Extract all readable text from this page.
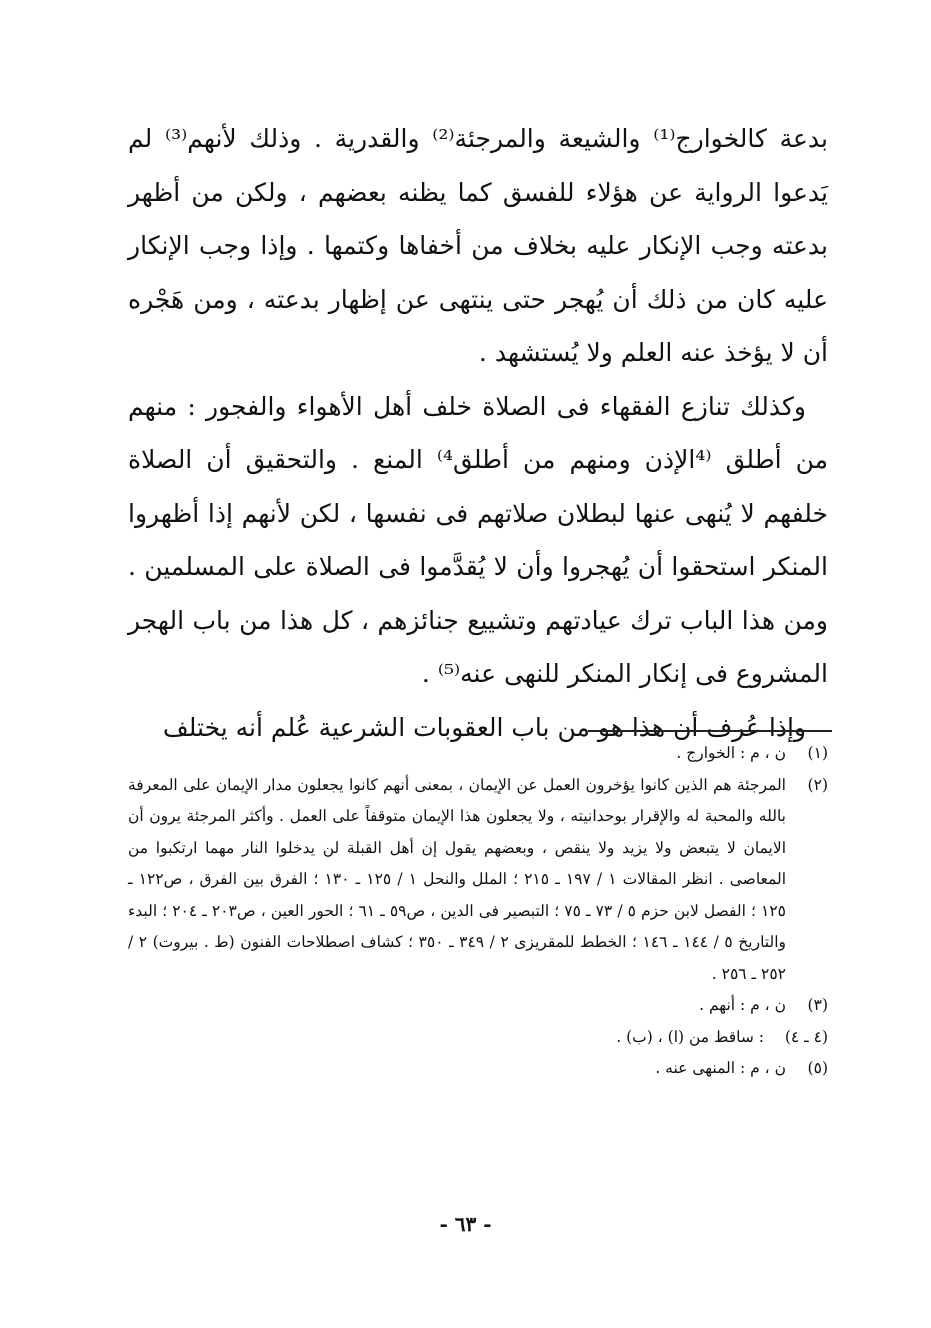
بدعة كالخوارج⁽¹⁾ والشيعة والمرجئة⁽²⁾ والقدرية . وذلك لأنهم⁽³⁾ لم يَدعوا الرواية عن هؤلاء للفسق كما يظنه بعضهم ، ولكن من أظهر بدعته وجب الإنكار عليه بخلاف من أخفاها وكتمها . وإذا وجب الإنكار عليه كان من ذلك أن يُهجر حتى ينتهى عن إظهار بدعته ، ومن هَجْره أن لا يؤخذ عنه العلم ولا يُستشهد .

وكذلك تنازع الفقهاء فى الصلاة خلف أهل الأهواء والفجور : منهم من أطلق ⁽⁴الإذن ومنهم من أطلق⁴⁾ المنع . والتحقيق أن الصلاة خلفهم لا يُنهى عنها لبطلان صلاتهم فى نفسها ، لكن لأنهم إذا أظهروا المنكر استحقوا أن يُهجروا وأن لا يُقدَّموا فى الصلاة على المسلمين . ومن هذا الباب ترك عيادتهم وتشييع جنائزهم ، كل هذا من باب الهجر المشروع فى إنكار المنكر للنهى عنه⁽⁵⁾ .

وإذا عُرف أن هذا هو من باب العقوبات الشرعية عُلم أنه يختلف

(١)
ن ، م : الخوارج .
(٢)
المرجئة هم الذين كانوا يؤخرون العمل عن الإيمان ، بمعنى أنهم كانوا يجعلون مدار الإيمان على المعرفة بالله والمحبة له والإقرار بوحدانيته ، ولا يجعلون هذا الإيمان متوقفاً على العمل . وأكثر المرجئة يرون أن الايمان لا يتبعض ولا يزيد ولا ينقص ، وبعضهم يقول إن أهل القبلة لن يدخلوا النار مهما ارتكبوا من المعاصى . انظر المقالات ١ / ١٩٧ ـ ٢١٥ ؛ الملل والنحل ١ / ١٢٥ ـ ١٣٠ ؛ الفرق بين الفرق ، ص١٢٢ ـ ١٢٥ ؛ الفصل لابن حزم ٥ / ٧٣ ـ ٧٥ ؛ التبصير فى الدين ، ص٥٩ ـ ٦١ ؛ الحور العين ، ص٢٠٣ ـ ٢٠٤ ؛ البدء والتاريخ ٥ / ١٤٤ ـ ١٤٦ ؛ الخطط للمقريزى ٢ / ٣٤٩ ـ ٣٥٠ ؛ كشاف اصطلاحات الفنون (ط . بيروت) ٢ / ٢٥٢ ـ ٢٥٦ .
(٣)
ن ، م : أنهم .
(٤ ـ ٤)
: ساقط من (ا) ، (ب) .
(٥)
ن ، م : المنهى عنه .
- ٦٣ -
